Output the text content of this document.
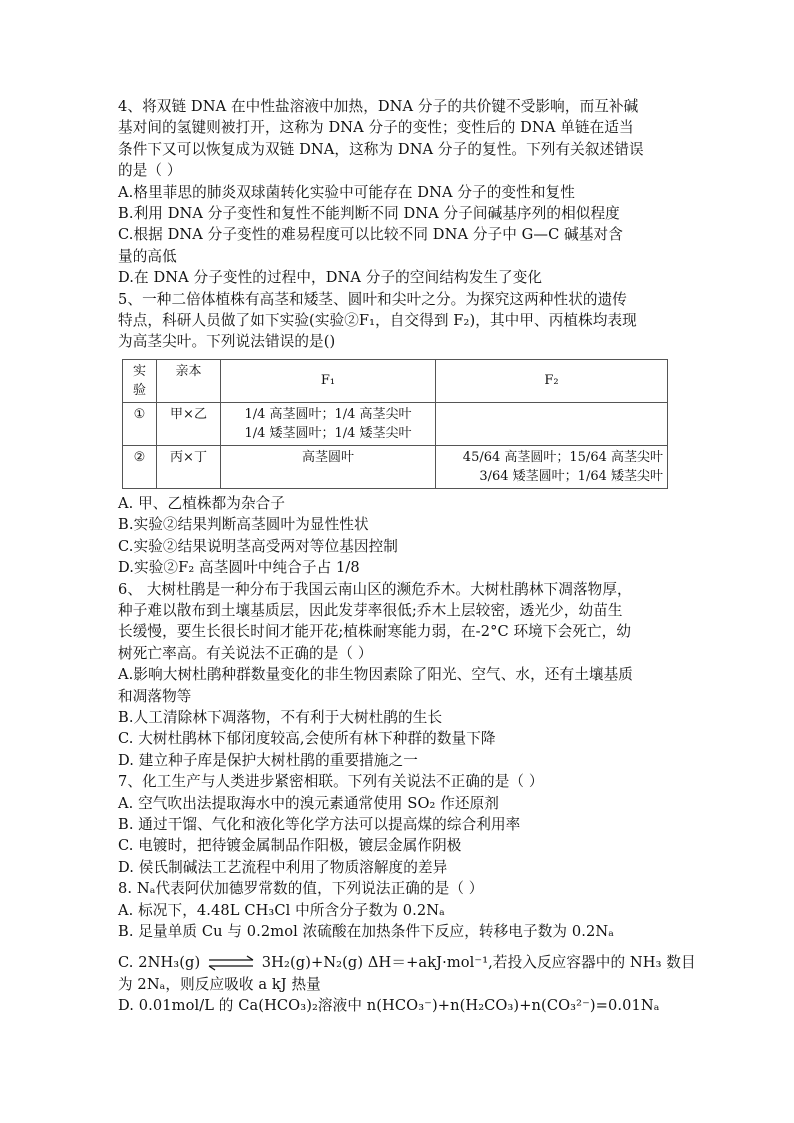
4、将双链 DNA 在中性盐溶液中加热，DNA 分子的共价键不受影响，而互补碱
基对间的氢键则被打开，这称为 DNA 分子的变性；变性后的 DNA 单链在适当
条件下又可以恢复成为双链 DNA，这称为 DNA 分子的复性。下列有关叙述错误
的是（ ）
A.格里菲思的肺炎双球菌转化实验中可能存在 DNA 分子的变性和复性
B.利用 DNA 分子变性和复性不能判断不同 DNA 分子间碱基序列的相似程度
C.根据 DNA 分子变性的难易程度可以比较不同 DNA 分子中 G—C 碱基对含
量的高低
D.在 DNA 分子变性的过程中，DNA 分子的空间结构发生了变化
5、一种二倍体植株有高茎和矮茎、圆叶和尖叶之分。为探究这两种性状的遗传
特点，科研人员做了如下实验(实验②F₁，自交得到 F₂)，其中甲、丙植株均表现
为高茎尖叶。下列说法错误的是()
实验	亲本	F₁	F₂
①	甲×乙	1/4 高茎圆叶；1/4 高茎尖叶
1/4 矮茎圆叶；1/4 矮茎尖叶	

②	丙×丁	高茎圆叶	45/64 高茎圆叶；15/64 高茎尖叶
3/64 矮茎圆叶；1/64 矮茎尖叶
A. 甲、乙植株都为杂合子
B.实验②结果判断高茎圆叶为显性性状
C.实验②结果说明茎高受两对等位基因控制
D.实验②F₂ 高茎圆叶中纯合子占 1/8
6、 大树杜鹃是一种分布于我国云南山区的濒危乔木。大树杜鹃林下凋落物厚，
种子难以散布到土壤基质层，因此发芽率很低;乔木上层较密，透光少，幼苗生
长缓慢，要生长很长时间才能开花;植株耐寒能力弱，在-2°C 环境下会死亡，幼
树死亡率高。有关说法不正确的是（ ）
A.影响大树杜鹃种群数量变化的非生物因素除了阳光、空气、水，还有土壤基质
和凋落物等
B.人工清除林下凋落物，不有利于大树杜鹃的生长
C. 大树杜鹃林下郁闭度较高,会使所有林下种群的数量下降
D. 建立种子库是保护大树杜鹃的重要措施之一
7、化工生产与人类进步紧密相联。下列有关说法不正确的是（ ）
A. 空气吹出法提取海水中的溴元素通常使用 SO₂ 作还原剂
B. 通过干馏、气化和液化等化学方法可以提高煤的综合利用率
C. 电镀时，把待镀金属制品作阳极，镀层金属作阴极
D. 侯氏制碱法工艺流程中利用了物质溶解度的差异
8. Nₐ代表阿伏加德罗常数的值，下列说法正确的是（ ）
A. 标况下，4.48L CH₃Cl 中所含分子数为 0.2Nₐ
B. 足量单质 Cu 与 0.2mol 浓硫酸在加热条件下反应，转移电子数为 0.2Nₐ
C. 2NH₃(g) ⇌ 3H₂(g)+N₂(g) ΔH＝+akJ·mol⁻¹,若投入反应容器中的 NH₃ 数目
为 2Nₐ，则反应吸收 a kJ 热量
D. 0.01mol/L 的 Ca(HCO₃)₂溶液中 n(HCO₃⁻)+n(H₂CO₃)+n(CO₃²⁻)=0.01Nₐ
